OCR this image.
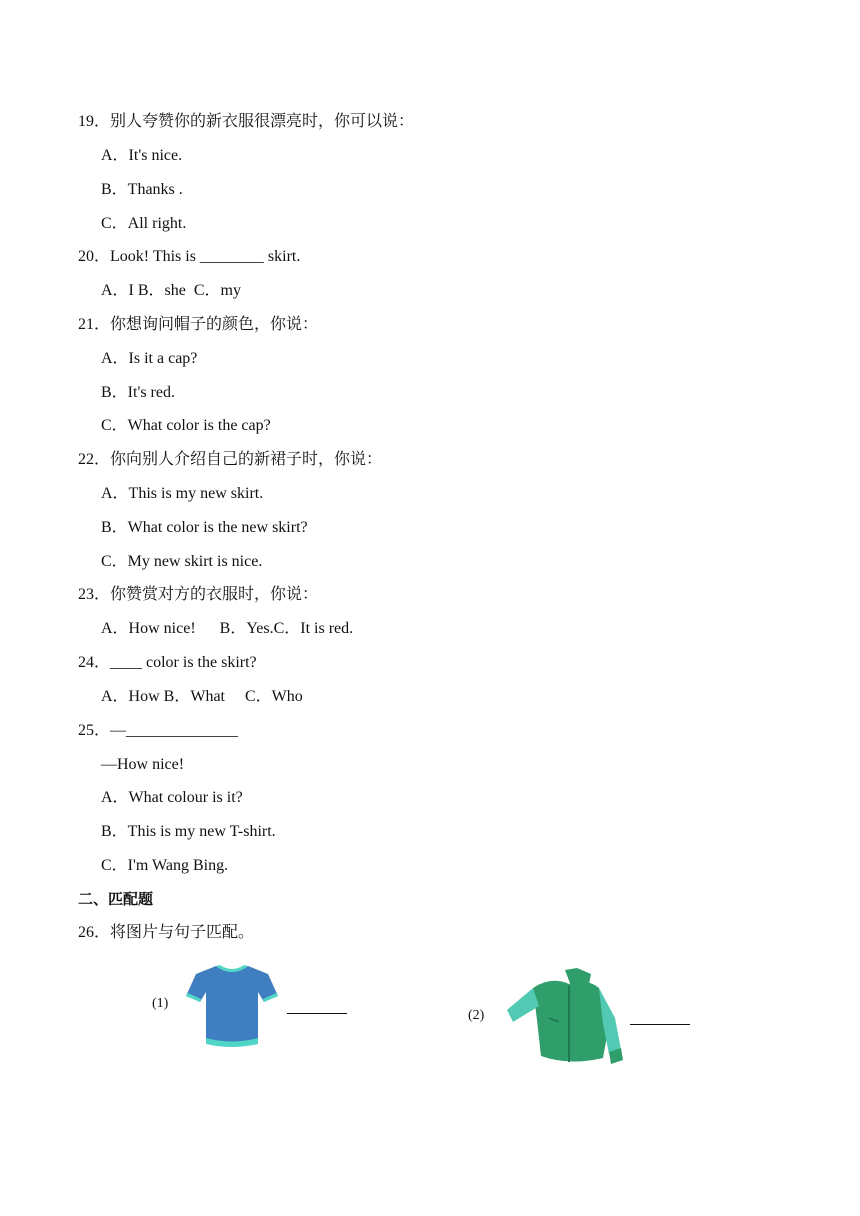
19．别人夸赞你的新衣服很漂亮时，你可以说：
A．It's nice.
B．Thanks .
C．All right.
20．Look! This is ________ skirt.
A．I B．she  C．my
21．你想询问帽子的颜色，你说：
A．Is it a cap?
B．It's red.
C．What color is the cap?
22．你向别人介绍自己的新裙子时，你说：
A．This is my new skirt.
B．What color is the new skirt?
C．My new skirt is nice.
23．你赞赏对方的衣服时，你说：
A．How nice!      B．Yes.C．It is red.
24．____ color is the skirt?
A．How B．What     C．Who
25．—______________
—How nice!
A．What colour is it?
B．This is my new T-shirt.
C．I'm Wang Bing.
二、匹配题
26．将图片与句子匹配。
(1)
(2)
